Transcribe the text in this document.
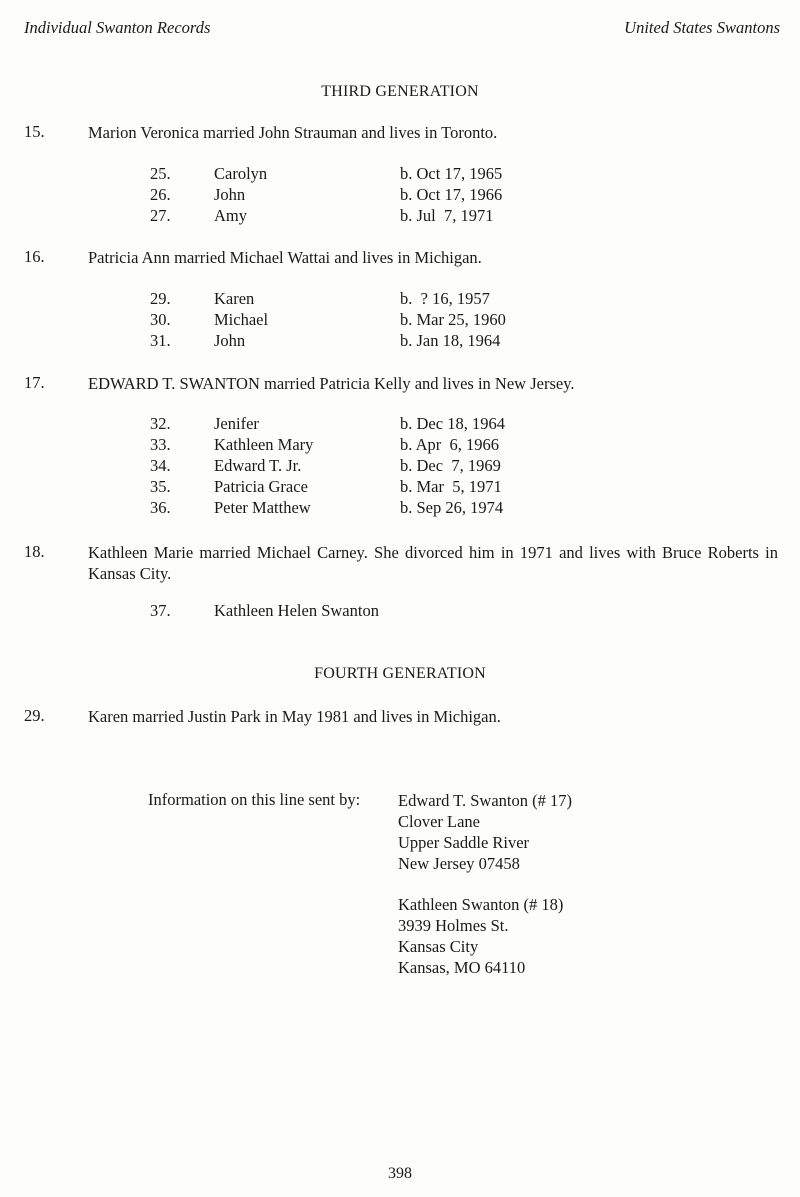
Individual Swanton Records	United States Swantons
THIRD GENERATION
15.	Marion Veronica married John Strauman and lives in Toronto.
25.	Carolyn	b. Oct 17, 1965
26.	John	b. Oct 17, 1966
27.	Amy	b. Jul  7, 1971
16.	Patricia Ann married Michael Wattai and lives in Michigan.
29.	Karen	b.  ? 16, 1957
30.	Michael	b. Mar 25, 1960
31.	John	b. Jan 18, 1964
17.	EDWARD T. SWANTON married Patricia Kelly and lives in New Jersey.
32.	Jenifer	b. Dec 18, 1964
33.	Kathleen Mary	b. Apr  6, 1966
34.	Edward T. Jr.	b. Dec  7, 1969
35.	Patricia Grace	b. Mar  5, 1971
36.	Peter Matthew	b. Sep 26, 1974
18.	Kathleen Marie married Michael Carney. She divorced him in 1971 and lives with Bruce Roberts in Kansas City.
37.	Kathleen Helen Swanton
FOURTH GENERATION
29.	Karen married Justin Park in May 1981 and lives in Michigan.
Information on this line sent by: Edward T. Swanton (# 17)
Clover Lane
Upper Saddle River
New Jersey 07458
Kathleen Swanton (# 18)
3939 Holmes St.
Kansas City
Kansas, MO 64110
398
